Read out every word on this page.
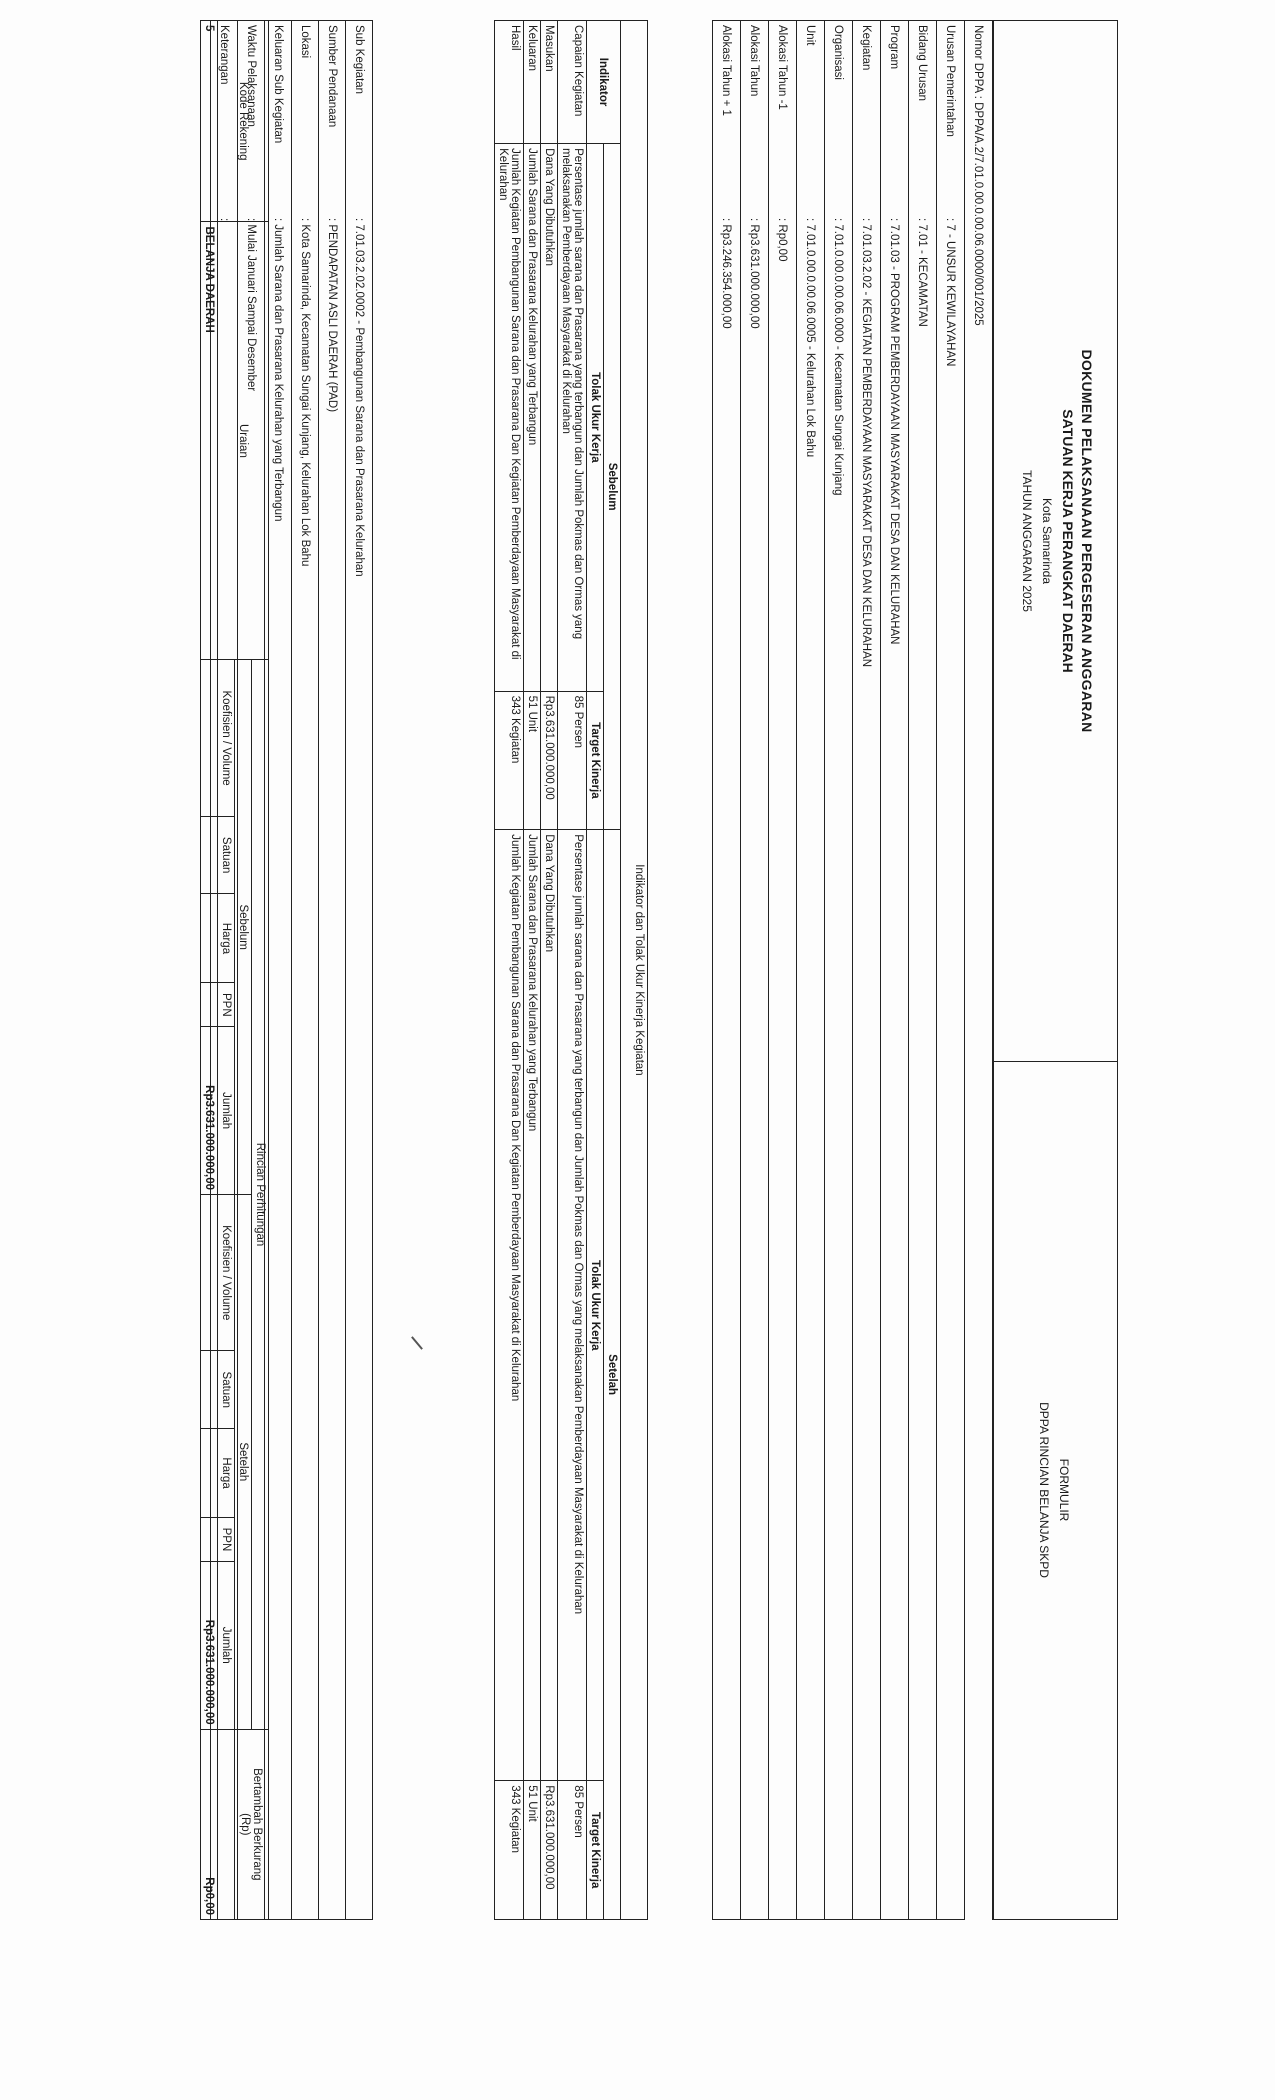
DOKUMEN PELAKSANAAN PERGESERAN ANGGARAN
SATUAN KERJA PERANGKAT DAERAH
Kota Samarinda
TAHUN ANGGARAN 2025
FORMULIR
DPPA RINCIAN BELANJA SKPD
Nomor DPPA : DPPA/A.2/7.01.0.00.0.00.06.0000/001/2025	
Urusan Pemerintahan	: 7 - UNSUR KEWILAYAHAN
Bidang Urusan	: 7.01 - KECAMATAN
Program	: 7.01.03 - PROGRAM PEMBERDAYAAN MASYARAKAT DESA DAN KELURAHAN
Kegiatan	: 7.01.03.2.02 - KEGIATAN PEMBERDAYAAN MASYARAKAT DESA DAN KELURAHAN
Organisasi	: 7.01.0.00.0.00.06.0000 - Kecamatan Sungai Kunjang
Unit	: 7.01.0.00.0.00.06.0005 - Kelurahan Lok Bahu
Alokasi Tahun -1	: Rp0,00
Alokasi Tahun	: Rp3.631.000.000,00
Alokasi Tahun + 1	: Rp3.246.354.000,00
Indikator dan Tolak Ukur Kinerja Kegiatan				
Indikator	Sebelum		Setelah	
	Tolak Ukur Kerja	Target Kinerja	Tolak Ukur Kerja	Target Kinerja
Capaian Kegiatan	Persentase jumlah sarana dan Prasarana yang terbangun dan Jumlah Pokmas dan Ormas yang melaksanakan Pemberdayaan Masyarakat di Kelurahan	85 Persen	Persentase jumlah sarana dan Prasarana yang terbangun dan Jumlah Pokmas dan Ormas yang melaksanakan Pemberdayaan Masyarakat di Kelurahan	85 Persen
Masukan	Dana Yang Dibutuhkan	Rp3.631.000.000,00	Dana Yang Dibutuhkan	Rp3.631.000.000,00
Keluaran	Jumlah Sarana dan Prasarana Kelurahan yang Terbangun	51 Unit	Jumlah Sarana dan Prasarana Kelurahan yang Terbangun	51 Unit
Hasil	Jumlah Kegiatan Pembangunan Sarana dan Prasarana Dan Kegiatan Pemberdayaan Masyarakat di Kelurahan	343 Kegiatan	Jumlah Kegiatan Pembangunan Sarana dan Prasarana Dan Kegiatan Pemberdayaan Masyarakat di Kelurahan	343 Kegiatan
Sub Kegiatan	: 7.01.03.2.02.0002 - Pembangunan Sarana dan Prasarana Kelurahan
Sumber Pendanaan	: PENDAPATAN ASLI DAERAH (PAD)
Lokasi	: Kota Samarinda, Kecamatan Sungai Kunjang, Kelurahan Lok Bahu
Keluaran Sub Kegiatan	: Jumlah Sarana dan Prasarana Kelurahan yang Terbangun
Waktu Pelaksanaan	: Mulai Januari Sampai Desember
Keterangan	:
Kode Rekening	Uraian	Rincian Perhitungan										Bertambah Berkurang
(Rp)
		Sebelum					Setelah					
		Koefisien / Volume	Satuan	Harga	PPN	Jumlah	Koefisien / Volume	Satuan	Harga	PPN	Jumlah	
5	BELANJA DAERAH					Rp3.631.000.000,00					Rp3.631.000.000,00	Rp0,00
